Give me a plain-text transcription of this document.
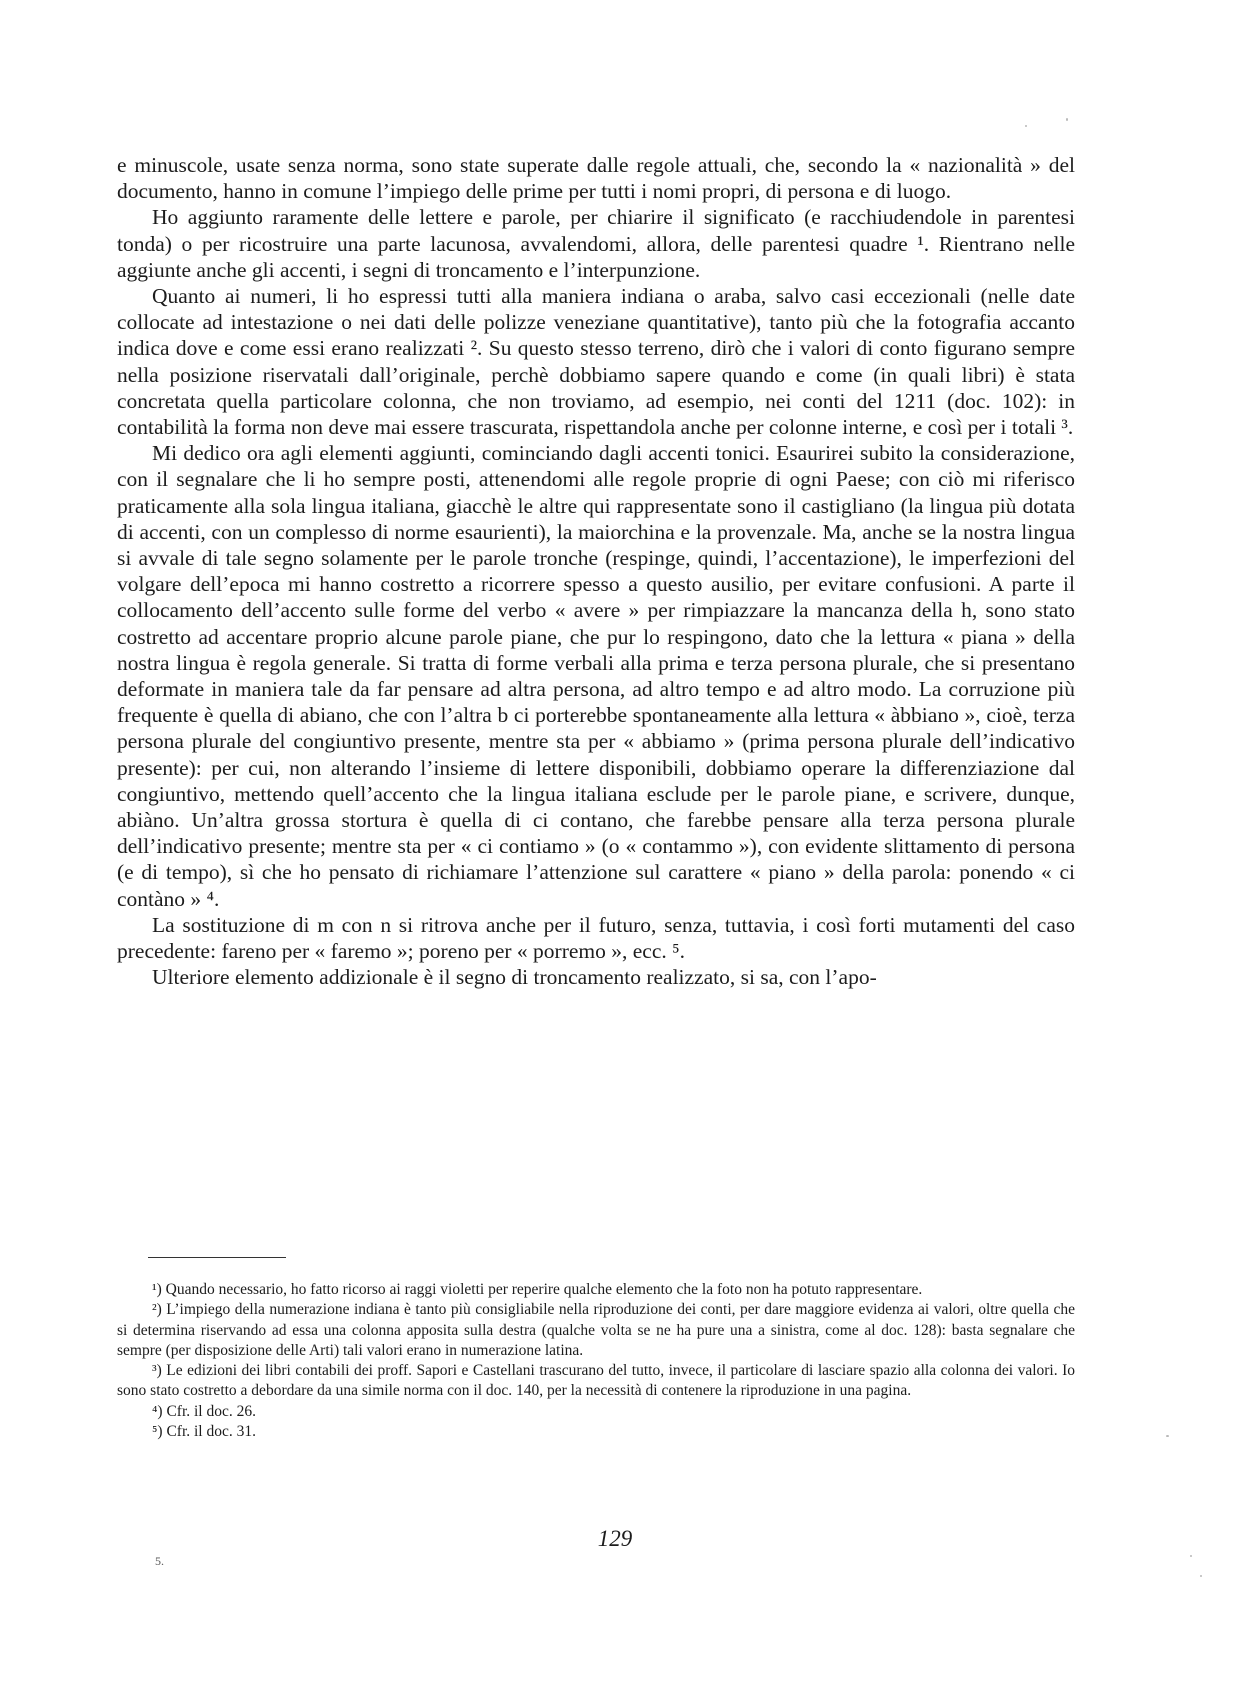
e minuscole, usate senza norma, sono state superate dalle regole attuali, che, secondo la « nazionalità » del documento, hanno in comune l’impiego delle prime per tutti i nomi propri, di persona e di luogo.

Ho aggiunto raramente delle lettere e parole, per chiarire il significato (e racchiudendole in parentesi tonda) o per ricostruire una parte lacunosa, avvalendomi, allora, delle parentesi quadre ¹. Rientrano nelle aggiunte anche gli accenti, i segni di troncamento e l’interpunzione.

Quanto ai numeri, li ho espressi tutti alla maniera indiana o araba, salvo casi eccezionali (nelle date collocate ad intestazione o nei dati delle polizze veneziane quantitative), tanto più che la fotografia accanto indica dove e come essi erano realizzati ². Su questo stesso terreno, dirò che i valori di conto figurano sempre nella posizione riservatali dall’originale, perchè dobbiamo sapere quando e come (in quali libri) è stata concretata quella particolare colonna, che non troviamo, ad esempio, nei conti del 1211 (doc. 102): in contabilità la forma non deve mai essere trascurata, rispettandola anche per colonne interne, e così per i totali ³.

Mi dedico ora agli elementi aggiunti, cominciando dagli accenti tonici. Esaurirei subito la considerazione, con il segnalare che li ho sempre posti, attenendomi alle regole proprie di ogni Paese; con ciò mi riferisco praticamente alla sola lingua italiana, giacchè le altre qui rappresentate sono il castigliano (la lingua più dotata di accenti, con un complesso di norme esaurienti), la maiorchina e la provenzale. Ma, anche se la nostra lingua si avvale di tale segno solamente per le parole tronche (respinge, quindi, l’accentazione), le imperfezioni del volgare dell’epoca mi hanno costretto a ricorrere spesso a questo ausilio, per evitare confusioni. A parte il collocamento dell’accento sulle forme del verbo « avere » per rimpiazzare la mancanza della h, sono stato costretto ad accentare proprio alcune parole piane, che pur lo respingono, dato che la lettura « piana » della nostra lingua è regola generale. Si tratta di forme verbali alla prima e terza persona plurale, che si presentano deformate in maniera tale da far pensare ad altra persona, ad altro tempo e ad altro modo. La corruzione più frequente è quella di abiano, che con l’altra b ci porterebbe spontaneamente alla lettura « àbbiano », cioè, terza persona plurale del congiuntivo presente, mentre sta per « abbiamo » (prima persona plurale dell’indicativo presente): per cui, non alterando l’insieme di lettere disponibili, dobbiamo operare la differenziazione dal congiuntivo, mettendo quell’accento che la lingua italiana esclude per le parole piane, e scrivere, dunque, abiàno. Un’altra grossa stortura è quella di ci contano, che farebbe pensare alla terza persona plurale dell’indicativo presente; mentre sta per « ci contiamo » (o « contammo »), con evidente slittamento di persona (e di tempo), sì che ho pensato di richiamare l’attenzione sul carattere « piano » della parola: ponendo « ci contàno » ⁴.

La sostituzione di m con n si ritrova anche per il futuro, senza, tuttavia, i così forti mutamenti del caso precedente: fareno per « faremo »; poreno per « porremo », ecc. ⁵.

Ulteriore elemento addizionale è il segno di troncamento realizzato, si sa, con l’apo-

¹) Quando necessario, ho fatto ricorso ai raggi violetti per reperire qualche elemento che la foto non ha potuto rappresentare.

²) L’impiego della numerazione indiana è tanto più consigliabile nella riproduzione dei conti, per dare maggiore evidenza ai valori, oltre quella che si determina riservando ad essa una colonna apposita sulla destra (qualche volta se ne ha pure una a sinistra, come al doc. 128): basta segnalare che sempre (per disposizione delle Arti) tali valori erano in numerazione latina.

³) Le edizioni dei libri contabili dei proff. Sapori e Castellani trascurano del tutto, invece, il particolare di lasciare spazio alla colonna dei valori. Io sono stato costretto a debordare da una simile norma con il doc. 140, per la necessità di contenere la riproduzione in una pagina.

⁴) Cfr. il doc. 26.

⁵) Cfr. il doc. 31.

129
5.
